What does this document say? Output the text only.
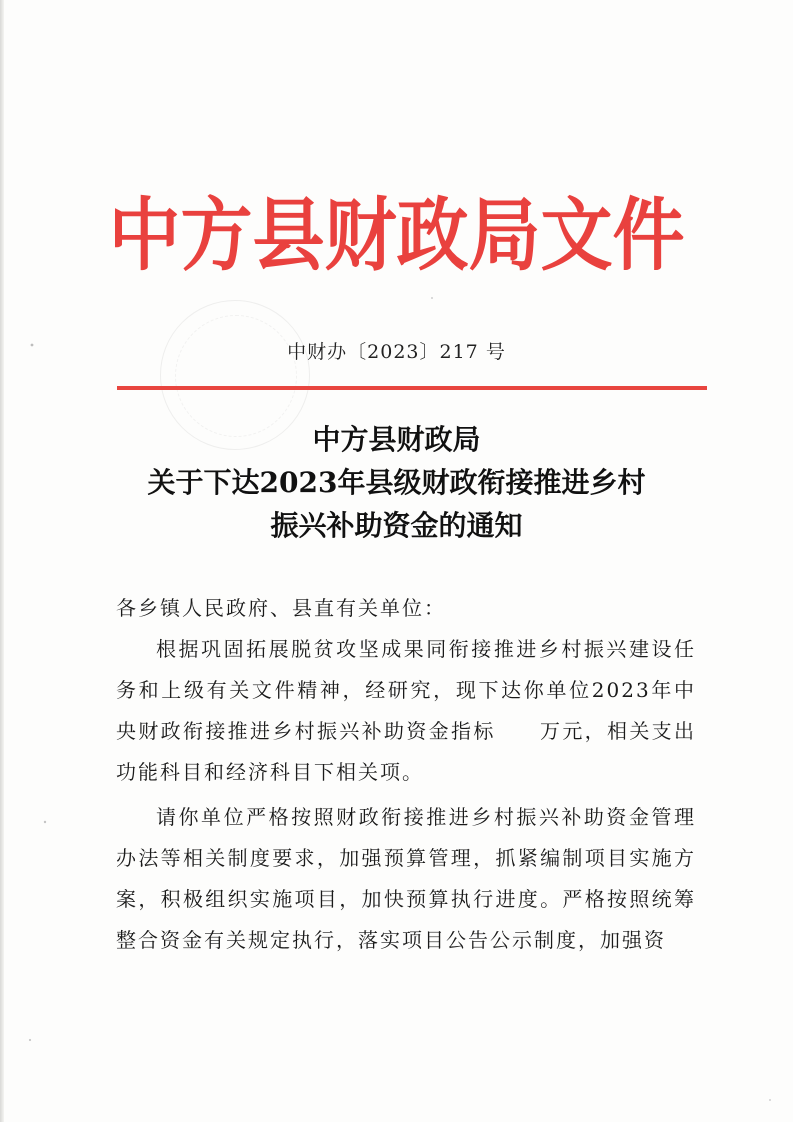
中方县财政局文件
中财办〔2023〕217 号
中方县财政局
关于下达2023年县级财政衔接推进乡村
振兴补助资金的通知

各乡镇人民政府、县直有关单位：

根据巩固拓展脱贫攻坚成果同衔接推进乡村振兴建设任务和上级有关文件精神，经研究，现下达你单位2023年中央财政衔接推进乡村振兴补助资金指标 万元，相关支出功能科目和经济科目下相关项。

请你单位严格按照财政衔接推进乡村振兴补助资金管理办法等相关制度要求，加强预算管理，抓紧编制项目实施方案，积极组织实施项目，加快预算执行进度。严格按照统筹整合资金有关规定执行，落实项目公告公示制度，加强资
